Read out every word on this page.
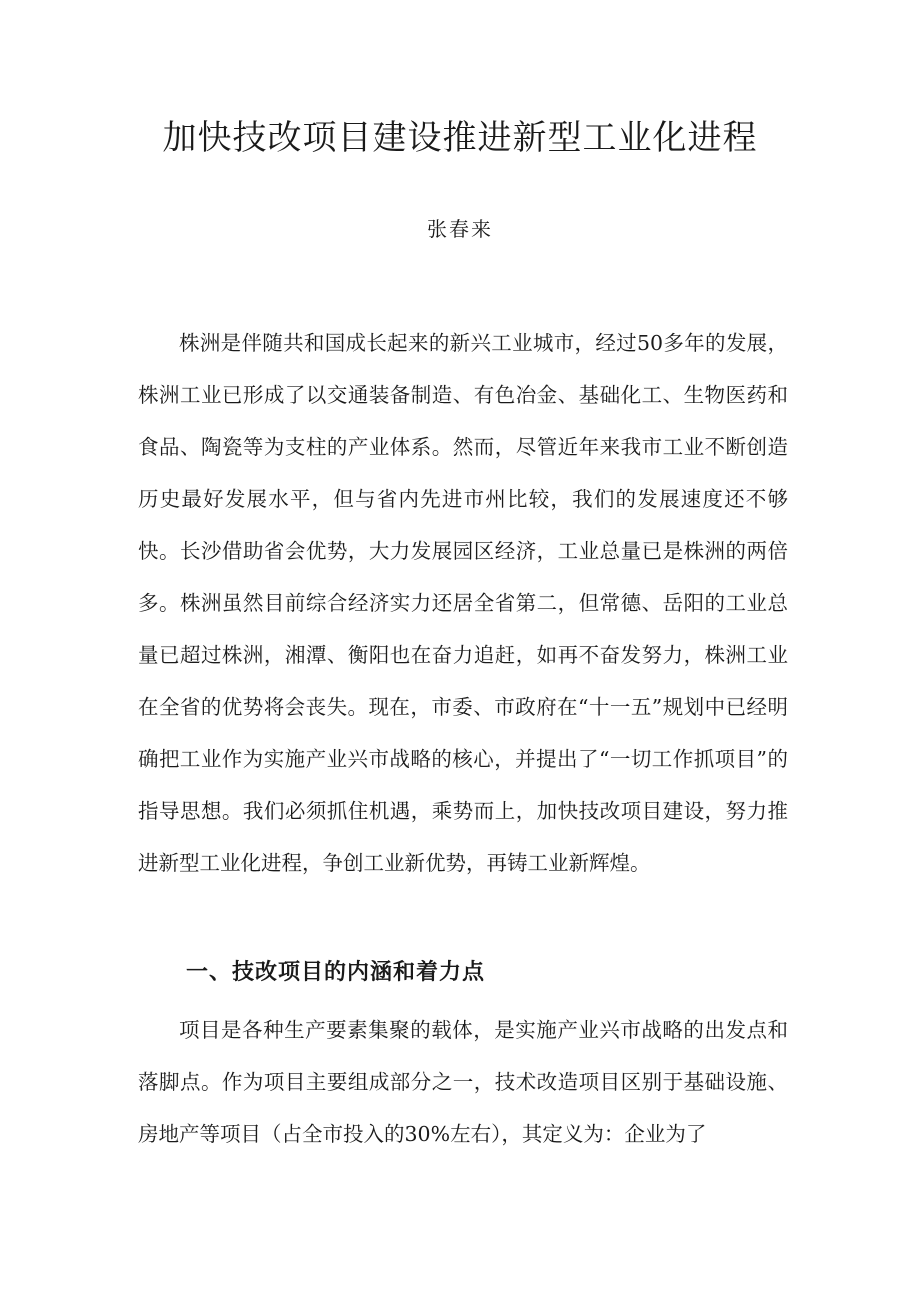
加快技改项目建设推进新型工业化进程
张春来

株洲是伴随共和国成长起来的新兴工业城市，经过50多年的发展，株洲工业已形成了以交通装备制造、有色冶金、基础化工、生物医药和食品、陶瓷等为支柱的产业体系。然而，尽管近年来我市工业不断创造历史最好发展水平，但与省内先进市州比较，我们的发展速度还不够快。长沙借助省会优势，大力发展园区经济，工业总量已是株洲的两倍多。株洲虽然目前综合经济实力还居全省第二，但常德、岳阳的工业总量已超过株洲，湘潭、衡阳也在奋力追赶，如再不奋发努力，株洲工业在全省的优势将会丧失。现在，市委、市政府在“十一五”规划中已经明确把工业作为实施产业兴市战略的核心，并提出了“一切工作抓项目”的指导思想。我们必须抓住机遇，乘势而上，加快技改项目建设，努力推进新型工业化进程，争创工业新优势，再铸工业新辉煌。

一、技改项目的内涵和着力点

项目是各种生产要素集聚的载体，是实施产业兴市战略的出发点和落脚点。作为项目主要组成部分之一，技术改造项目区别于基础设施、房地产等项目（占全市投入的30%左右），其定义为：企业为了
